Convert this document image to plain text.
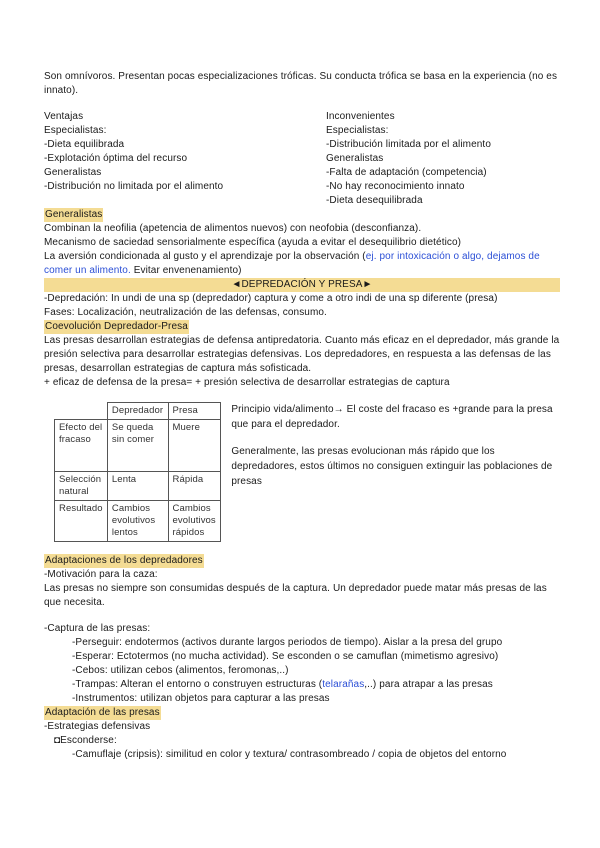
Son omnívoros. Presentan pocas especializaciones tróficas. Su conducta trófica se basa en la experiencia (no es innato).

Ventajas

Especialistas:

-Dieta equilibrada

-Explotación óptima del recurso

Generalistas

-Distribución no limitada por el alimento

Inconvenientes

Especialistas:

-Distribución limitada por el alimento

Generalistas

-Falta de adaptación (competencia)

-No hay reconocimiento innato

-Dieta desequilibrada

Generalistas

Combinan la neofilia (apetencia de alimentos nuevos) con neofobia (desconfianza).

Mecanismo de saciedad sensorialmente específica (ayuda a evitar el desequilibrio dietético)

La aversión condicionada al gusto y el aprendizaje por la observación (ej. por intoxicación o algo, dejamos de comer un alimento. Evitar envenenamiento)

◄DEPREDACIÓN Y PRESA►

-Depredación: In undi de una sp (depredador) captura y come a otro indi de una sp diferente (presa)

Fases: Localización, neutralización de las defensas, consumo.

Coevolución Depredador-Presa

Las presas desarrollan estrategias de defensa antipredatoria. Cuanto más eficaz en el depredador, más grande la presión selectiva para desarrollar estrategias defensivas. Los depredadores, en respuesta a las defensas de las presas, desarrollan estrategias de captura más sofisticada.

+ eficaz de defensa de la presa= + presión selectiva de desarrollar estrategias de captura

	Depredador	Presa
Efecto del fracaso	Se queda sin comer	Muere
Selección natural	Lenta	Rápida
Resultado	Cambios evolutivos lentos	Cambios evolutivos rápidos

Principio vida/alimento→ El coste del fracaso es +grande para la presa que para el depredador.

Generalmente, las presas evolucionan más rápido que los depredadores, estos últimos no consiguen extinguir las poblaciones de presas

Adaptaciones de los depredadores

-Motivación para la caza:

Las presas no siempre son consumidas después de la captura. Un depredador puede matar más presas de las que necesita.

-Captura de las presas:

-Perseguir: endotermos (activos durante largos periodos de tiempo). Aislar a la presa del grupo

-Esperar: Ectotermos (no mucha actividad). Se esconden o se camuflan (mimetismo agresivo)

-Cebos: utilizan cebos (alimentos, feromonas,..)

-Trampas: Alteran el entorno o construyen estructuras (telarañas,..) para atrapar a las presas

-Instrumentos: utilizan objetos para capturar a las presas

Adaptación de las presas

-Estrategias defensivas

◘Esconderse:

-Camuflaje (cripsis): similitud en color y textura/ contrasombreado / copia de objetos del entorno
